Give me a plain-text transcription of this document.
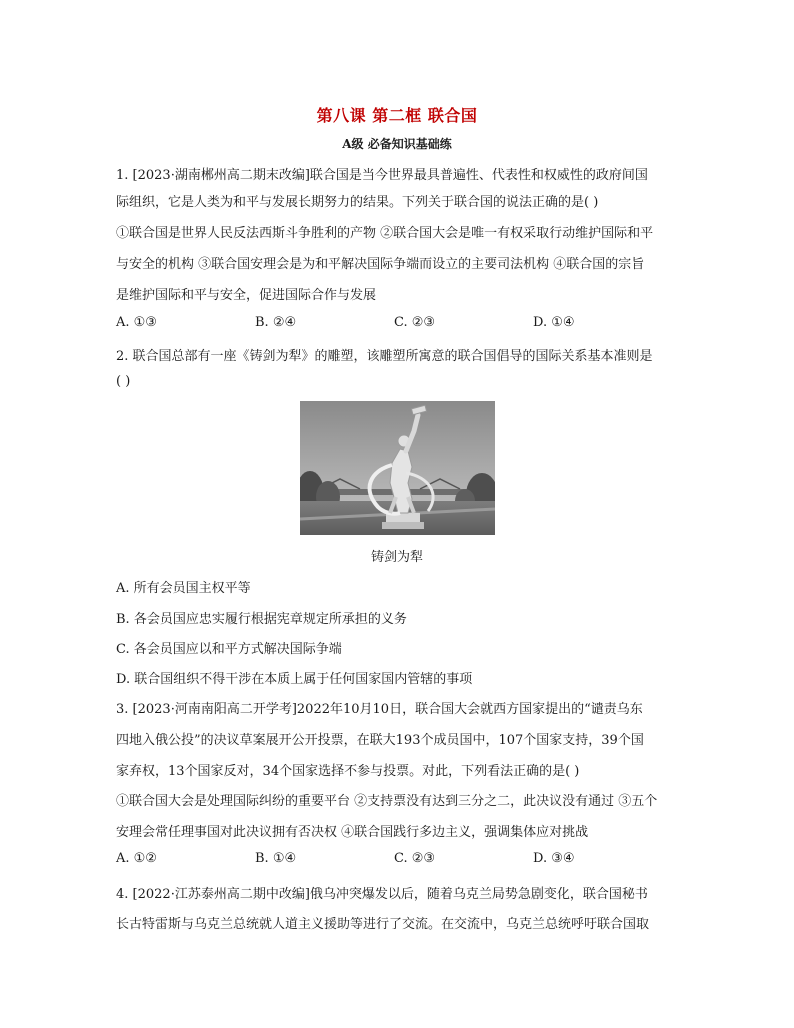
第八课 第二框 联合国
A级 必备知识基础练
1. [2023·湖南郴州高二期末改编]联合国是当今世界最具普遍性、代表性和权威性的政府间国
际组织，它是人类为和平与发展长期努力的结果。下列关于联合国的说法正确的是( )
①联合国是世界人民反法西斯斗争胜利的产物 ②联合国大会是唯一有权采取行动维护国际和平
与安全的机构 ③联合国安理会是为和平解决国际争端而设立的主要司法机构 ④联合国的宗旨
是维护国际和平与安全，促进国际合作与发展
A. ①③	B. ②④	C. ②③	D. ①④
2. 联合国总部有一座《铸剑为犁》的雕塑，该雕塑所寓意的联合国倡导的国际关系基本准则是
( )
铸剑为犁
A. 所有会员国主权平等
B. 各会员国应忠实履行根据宪章规定所承担的义务
C. 各会员国应以和平方式解决国际争端
D. 联合国组织不得干涉在本质上属于任何国家国内管辖的事项
3. [2023·河南南阳高二开学考]2022年10月10日，联合国大会就西方国家提出的“谴责乌东
四地入俄公投”的决议草案展开公开投票，在联大193个成员国中，107个国家支持，39个国
家弃权，13个国家反对，34个国家选择不参与投票。对此，下列看法正确的是( )
①联合国大会是处理国际纠纷的重要平台 ②支持票没有达到三分之二，此决议没有通过 ③五个
安理会常任理事国对此决议拥有否决权 ④联合国践行多边主义，强调集体应对挑战
A. ①②	B. ①④	C. ②③	D. ③④
4. [2022·江苏泰州高二期中改编]俄乌冲突爆发以后，随着乌克兰局势急剧变化，联合国秘书
长古特雷斯与乌克兰总统就人道主义援助等进行了交流。在交流中，乌克兰总统呼吁联合国取
